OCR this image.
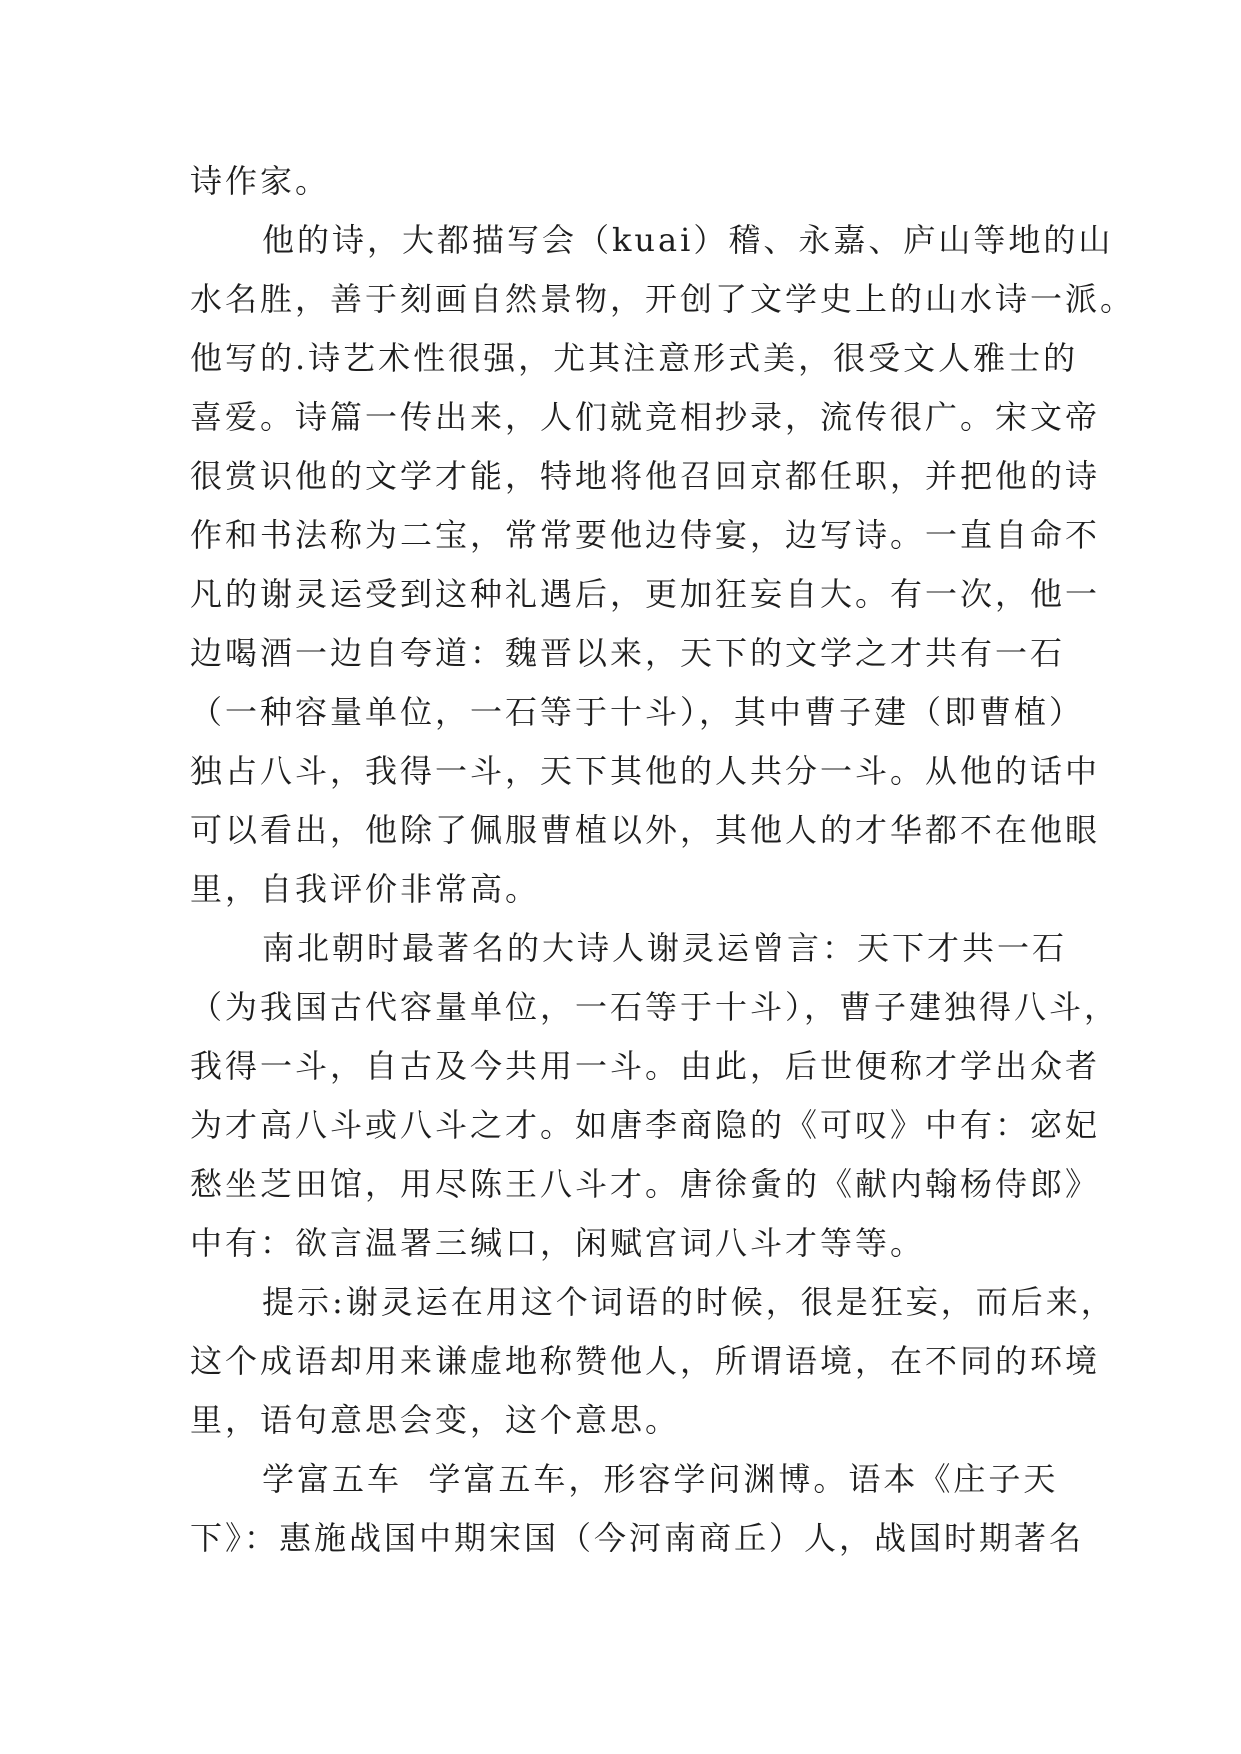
诗作家。
他的诗，大都描写会（kuai）稽、永嘉、庐山等地的山
水名胜，善于刻画自然景物，开创了文学史上的山水诗一派。
他写的.诗艺术性很强，尤其注意形式美，很受文人雅士的
喜爱。诗篇一传出来，人们就竞相抄录，流传很广。宋文帝
很赏识他的文学才能，特地将他召回京都任职，并把他的诗
作和书法称为二宝，常常要他边侍宴，边写诗。一直自命不
凡的谢灵运受到这种礼遇后，更加狂妄自大。有一次，他一
边喝酒一边自夸道：魏晋以来，天下的文学之才共有一石
（一种容量单位，一石等于十斗），其中曹子建（即曹植）
独占八斗，我得一斗，天下其他的人共分一斗。从他的话中
可以看出，他除了佩服曹植以外，其他人的才华都不在他眼
里，自我评价非常高。
南北朝时最著名的大诗人谢灵运曾言：天下才共一石
（为我国古代容量单位，一石等于十斗），曹子建独得八斗，
我得一斗，自古及今共用一斗。由此，后世便称才学出众者
为才高八斗或八斗之才。如唐李商隐的《可叹》中有：宓妃
愁坐芝田馆，用尽陈王八斗才。唐徐夤的《献内翰杨侍郎》
中有：欲言温署三缄口，闲赋宫词八斗才等等。
提示:谢灵运在用这个词语的时候，很是狂妄，而后来，
这个成语却用来谦虚地称赞他人，所谓语境，在不同的环境
里，语句意思会变，这个意思。
学富五车  学富五车，形容学问渊博。语本《庄子天
下》：惠施战国中期宋国（今河南商丘）人，战国时期著名
